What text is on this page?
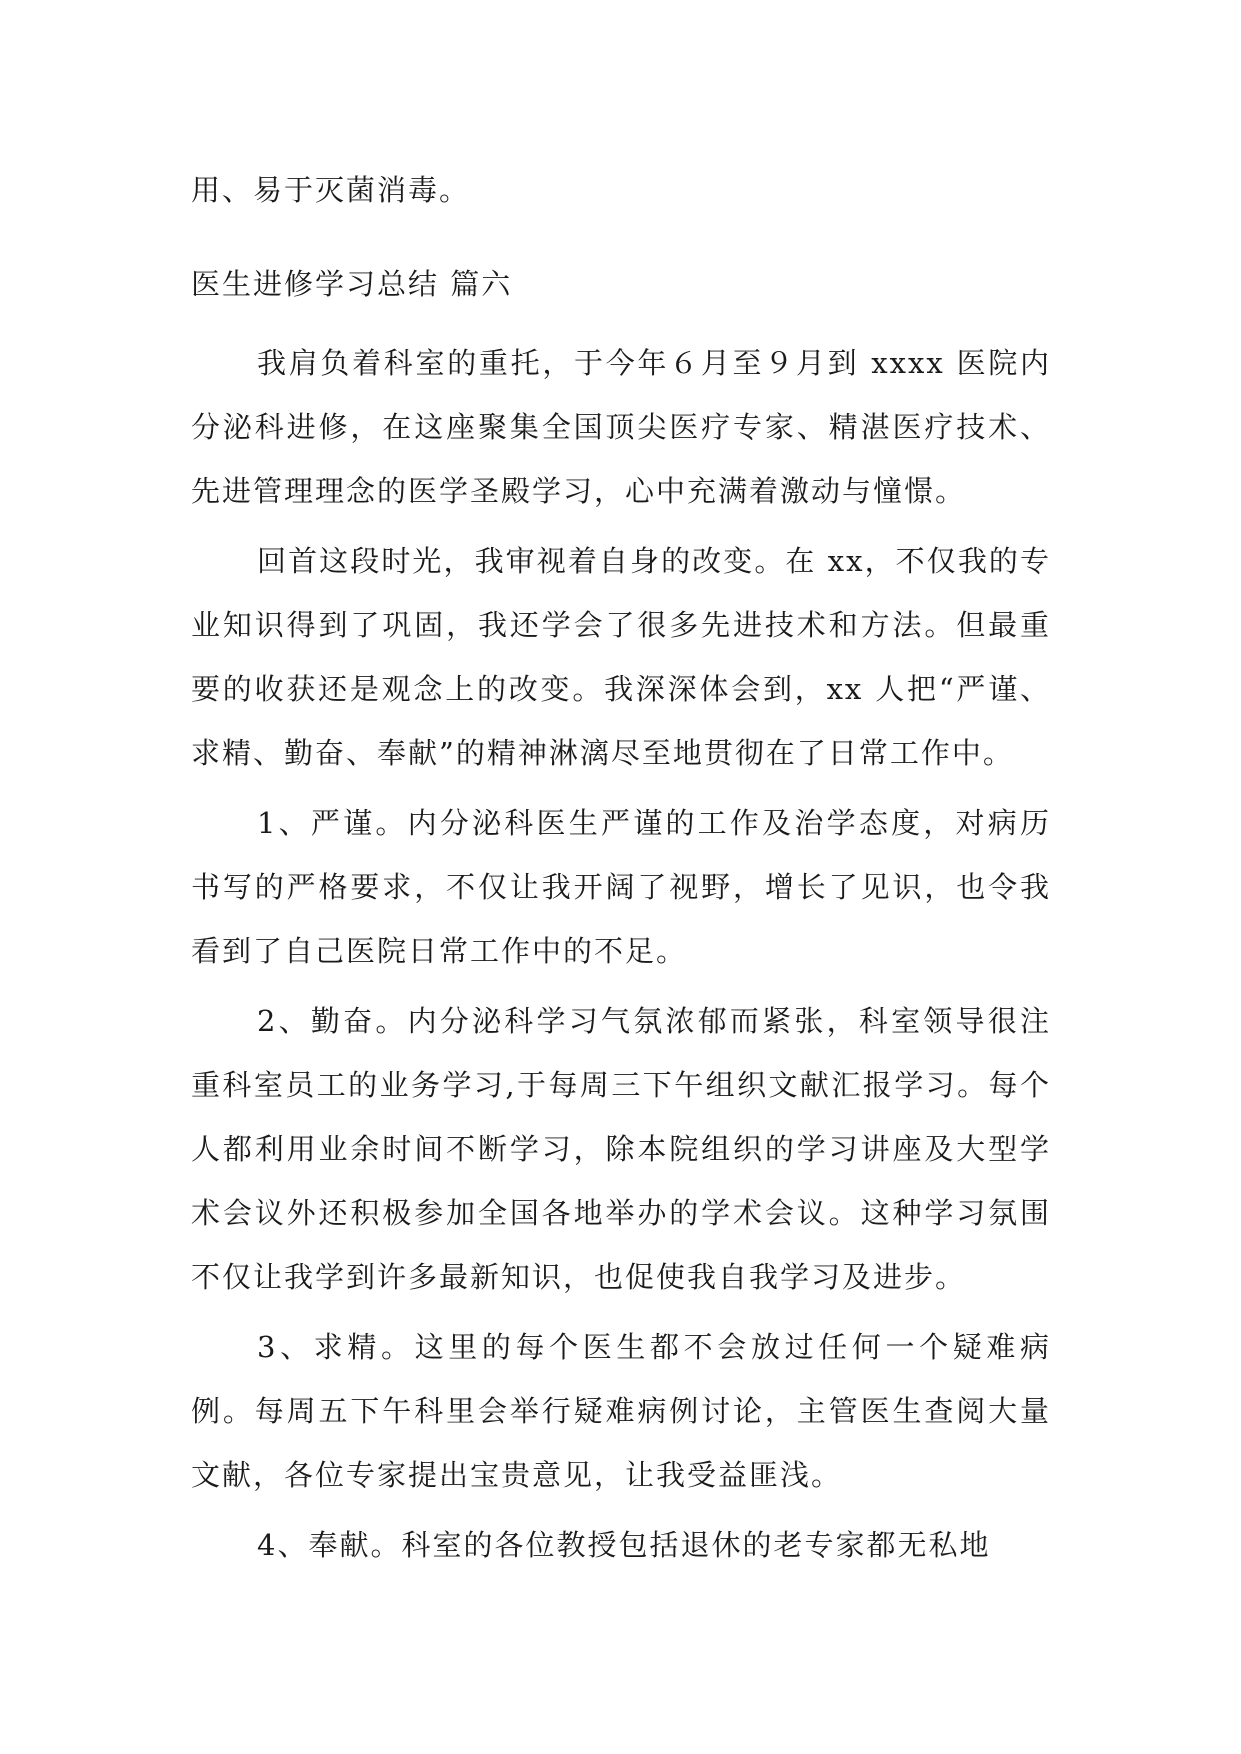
用、易于灭菌消毒。

医生进修学习总结 篇六

我肩负着科室的重托，于今年６月至９月到 xxxx 医院内分泌科进修，在这座聚集全国顶尖医疗专家、精湛医疗技术、先进管理理念的医学圣殿学习，心中充满着激动与憧憬。

回首这段时光，我审视着自身的改变。在 xx，不仅我的专业知识得到了巩固，我还学会了很多先进技术和方法。但最重要的收获还是观念上的改变。我深深体会到，xx 人把“严谨、求精、勤奋、奉献”的精神淋漓尽至地贯彻在了日常工作中。

1、严谨。内分泌科医生严谨的工作及治学态度，对病历书写的严格要求，不仅让我开阔了视野，增长了见识，也令我看到了自己医院日常工作中的不足。

2、勤奋。内分泌科学习气氛浓郁而紧张，科室领导很注重科室员工的业务学习,于每周三下午组织文献汇报学习。每个人都利用业余时间不断学习，除本院组织的学习讲座及大型学术会议外还积极参加全国各地举办的学术会议。这种学习氛围不仅让我学到许多最新知识，也促使我自我学习及进步。

3、求精。这里的每个医生都不会放过任何一个疑难病例。每周五下午科里会举行疑难病例讨论，主管医生查阅大量文献，各位专家提出宝贵意见，让我受益匪浅。

4、奉献。科室的各位教授包括退休的老专家都无私地
